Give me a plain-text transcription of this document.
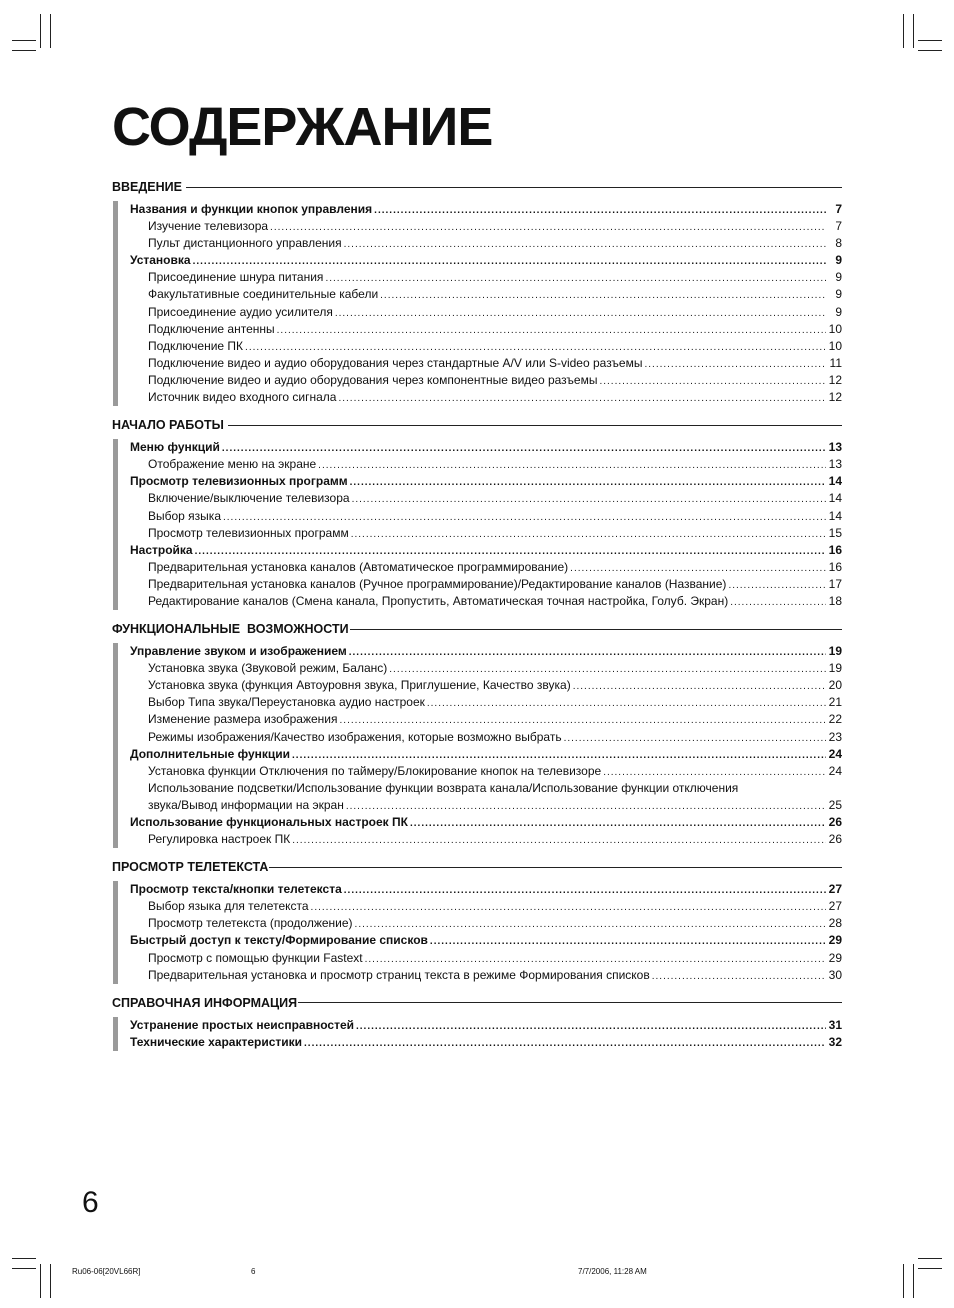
СОДЕРЖАНИЕ
ВВЕДЕНИЕ
Названия и функции кнопок управления .....	7
Изучение телевизора .....	7
Пульт дистанционного управления .....	8
Установка .....	9
Присоединение шнура питания .....	9
Факультативные соединительные кабели .....	9
Присоединение аудио усилителя .....	9
Подключение антенны .....	10
Подключение ПК .....	10
Подключение видео и аудио оборудования через стандартные A/V или S-video разъемы .....	11
Подключение видео и аудио оборудования через компонентные видео разъемы .....	12
Источник видео входного сигнала .....	12
НАЧАЛО РАБОТЫ
Меню функций .....	13
Отображение меню на экране .....	13
Просмотр телевизионных программ .....	14
Включение/выключение телевизора .....	14
Выбор языка .....	14
Просмотр телевизионных программ .....	15
Настройка .....	16
Предварительная установка каналов (Автоматическое программирование) .....	16
Предварительная установка каналов (Ручное программирование)/Редактирование каналов (Название) .....	17
Редактирование каналов (Смена канала, Пропустить, Автоматическая точная настройка, Голуб. Экран) .....	18
ФУНКЦИОНАЛЬНЫЕ  ВОЗМОЖНОСТИ
Управление звуком и изображением .....	19
Установка звука (Звуковой режим, Баланс) .....	19
Установка звука (функция Автоуровня звука, Приглушение, Качество звука) .....	20
Выбор Типа звука/Переустановка аудио настроек .....	21
Изменение размера изображения .....	22
Режимы изображения/Качество изображения, которые возможно выбрать .....	23
Дополнительные функции .....	24
Установка функции Отключения по таймеру/Блокирование кнопок на телевизоре .....	24
Использование подсветки/Использование функции возврата канала/Использование функции отключения
звука/Вывод информации на экран .....	25
Использование функциональных настроек ПК .....	26
Регулировка настроек ПК .....	26
ПРОСМОТР ТЕЛЕТЕКСТА
Просмотр текста/кнопки телетекста .....	27
Выбор языка для телетекста .....	27
Просмотр телетекста (продолжение) .....	28
Быстрый доступ к тексту/Формирование списков .....	29
Просмотр с помощью функции Fastext .....	29
Предварительная установка и просмотр страниц текста в режиме Формирования списков .....	30
СПРАВОЧНАЯ ИНФОРМАЦИЯ
Устранение простых неисправностей .....	31
Технические характеристики .....	32
6
Ru06-06[20VL66R]	6	7/7/2006, 11:28 AM
